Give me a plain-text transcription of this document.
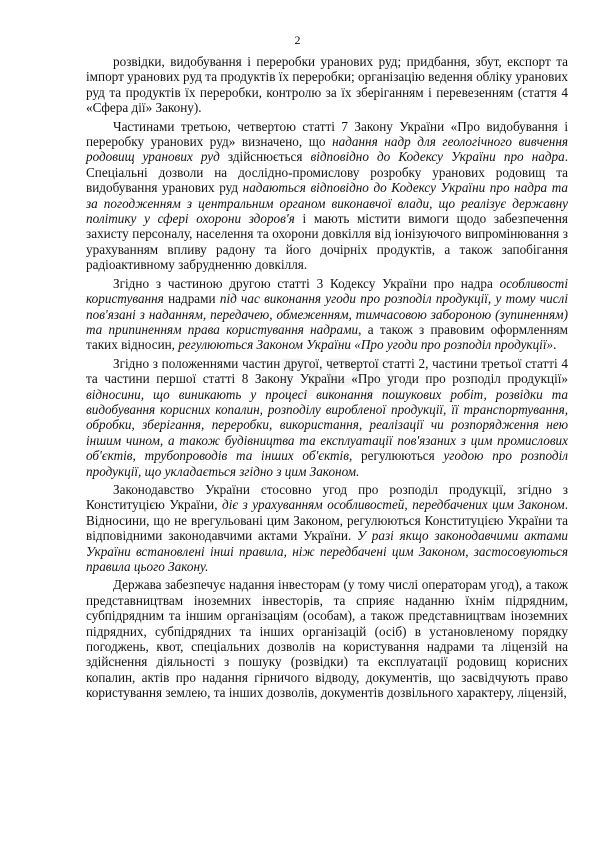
2

розвідки, видобування і переробки уранових руд; придбання, збут, експорт та імпорт уранових руд та продуктів їх переробки; організацію ведення обліку уранових руд та продуктів їх переробки, контролю за їх зберіганням і перевезенням (стаття 4 «Сфера дії» Закону).

Частинами третьою, четвертою статті 7 Закону України «Про видобування і переробку уранових руд» визначено, що надання надр для геологічного вивчення родовищ уранових руд здійснюється відповідно до Кодексу України про надра. Спеціальні дозволи на дослідно-промислову розробку уранових родовищ та видобування уранових руд надаються відповідно до Кодексу України про надра та за погодженням з центральним органом виконавчої влади, що реалізує державну політику у сфері охорони здоров'я і мають містити вимоги щодо забезпечення захисту персоналу, населення та охорони довкілля від іонізуючого випромінювання з урахуванням впливу радону та його дочірніх продуктів, а також запобігання радіоактивному забрудненню довкілля.

Згідно з частиною другою статті 3 Кодексу України про надра особливості користування надрами під час виконання угоди про розподіл продукції, у тому числі пов'язані з наданням, передачею, обмеженням, тимчасовою забороною (зупиненням) та припиненням права користування надрами, а також з правовим оформленням таких відносин, регулюються Законом України «Про угоди про розподіл продукції».

Згідно з положеннями частин другої, четвертої статті 2, частини третьої статті 4 та частини першої статті 8 Закону України «Про угоди про розподіл продукції» відносини, що виникають у процесі виконання пошукових робіт, розвідки та видобування корисних копалин, розподілу виробленої продукції, її транспортування, обробки, зберігання, переробки, використання, реалізації чи розпорядження нею іншим чином, а також будівництва та експлуатації пов'язаних з цим промислових об'єктів, трубопроводів та інших об'єктів, регулюються угодою про розподіл продукції, що укладається згідно з цим Законом.

Законодавство України стосовно угод про розподіл продукції, згідно з Конституцією України, діє з урахуванням особливостей, передбачених цим Законом. Відносини, що не врегульовані цим Законом, регулюються Конституцією України та відповідними законодавчими актами України. У разі якщо законодавчими актами України встановлені інші правила, ніж передбачені цим Законом, застосовуються правила цього Закону.

Держава забезпечує надання інвесторам (у тому числі операторам угод), а також представництвам іноземних інвесторів, та сприяє наданню їхнім підрядним, субпідрядним та іншим організаціям (особам), а також представництвам іноземних підрядних, субпідрядних та інших організацій (осіб) в установленому порядку погоджень, квот, спеціальних дозволів на користування надрами та ліцензій на здійснення діяльності з пошуку (розвідки) та експлуатації родовищ корисних копалин, актів про надання гірничого відводу, документів, що засвідчують право користування землею, та інших дозволів, документів дозвільного характеру, ліцензій,
